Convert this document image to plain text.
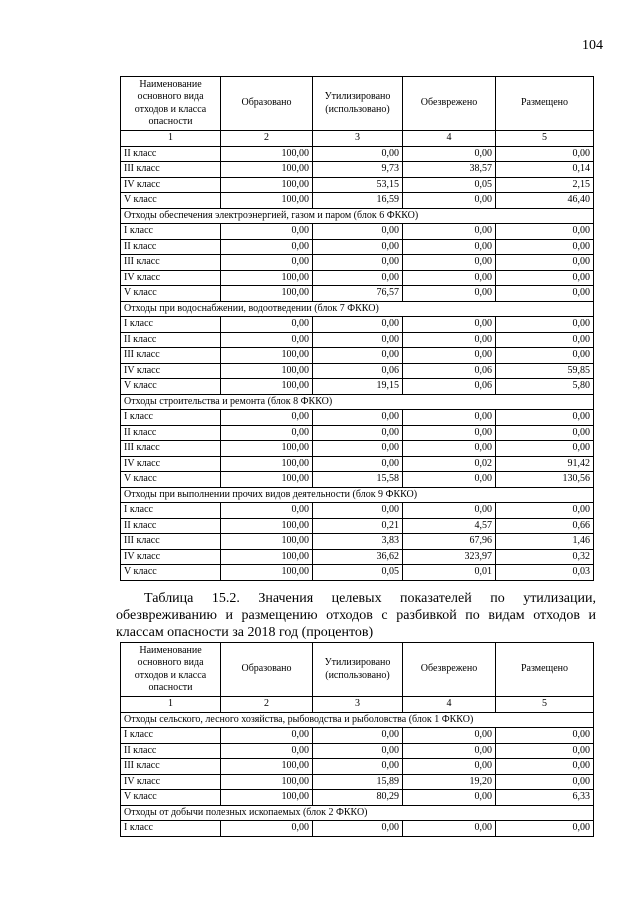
104
Наименование основного вида отходов и класса опасности	Образовано	Утилизировано (использовано)	Обезврежено	Размещено
1	2	3	4	5
II класс	100,00	0,00	0,00	0,00
III класс	100,00	9,73	38,57	0,14
IV класс	100,00	53,15	0,05	2,15
V класс	100,00	16,59	0,00	46,40
Отходы обеспечения электроэнергией, газом и паром (блок 6 ФККО)				
I класс	0,00	0,00	0,00	0,00
II класс	0,00	0,00	0,00	0,00
III класс	0,00	0,00	0,00	0,00
IV класс	100,00	0,00	0,00	0,00
V класс	100,00	76,57	0,00	0,00
Отходы при водоснабжении, водоотведении (блок 7 ФККО)				
I класс	0,00	0,00	0,00	0,00
II класс	0,00	0,00	0,00	0,00
III класс	100,00	0,00	0,00	0,00
IV класс	100,00	0,06	0,06	59,85
V класс	100,00	19,15	0,06	5,80
Отходы строительства и ремонта (блок 8 ФККО)				
I класс	0,00	0,00	0,00	0,00
II класс	0,00	0,00	0,00	0,00
III класс	100,00	0,00	0,00	0,00
IV класс	100,00	0,00	0,02	91,42
V класс	100,00	15,58	0,00	130,56
Отходы при выполнении прочих видов деятельности (блок 9 ФККО)				
I класс	0,00	0,00	0,00	0,00
II класс	100,00	0,21	4,57	0,66
III класс	100,00	3,83	67,96	1,46
IV класс	100,00	36,62	323,97	0,32
V класс	100,00	0,05	0,01	0,03
Таблица 15.2. Значения целевых показателей по утилизации, обезвреживанию и размещению отходов с разбивкой по видам отходов и классам опасности за 2018 год (процентов)
Наименование основного вида отходов и класса опасности	Образовано	Утилизировано (использовано)	Обезврежено	Размещено
1	2	3	4	5
Отходы сельского, лесного хозяйства, рыбоводства и рыболовства (блок 1 ФККО)				
I класс	0,00	0,00	0,00	0,00
II класс	0,00	0,00	0,00	0,00
III класс	100,00	0,00	0,00	0,00
IV класс	100,00	15,89	19,20	0,00
V класс	100,00	80,29	0,00	6,33
Отходы от добычи полезных ископаемых (блок 2 ФККО)				
I класс	0,00	0,00	0,00	0,00
